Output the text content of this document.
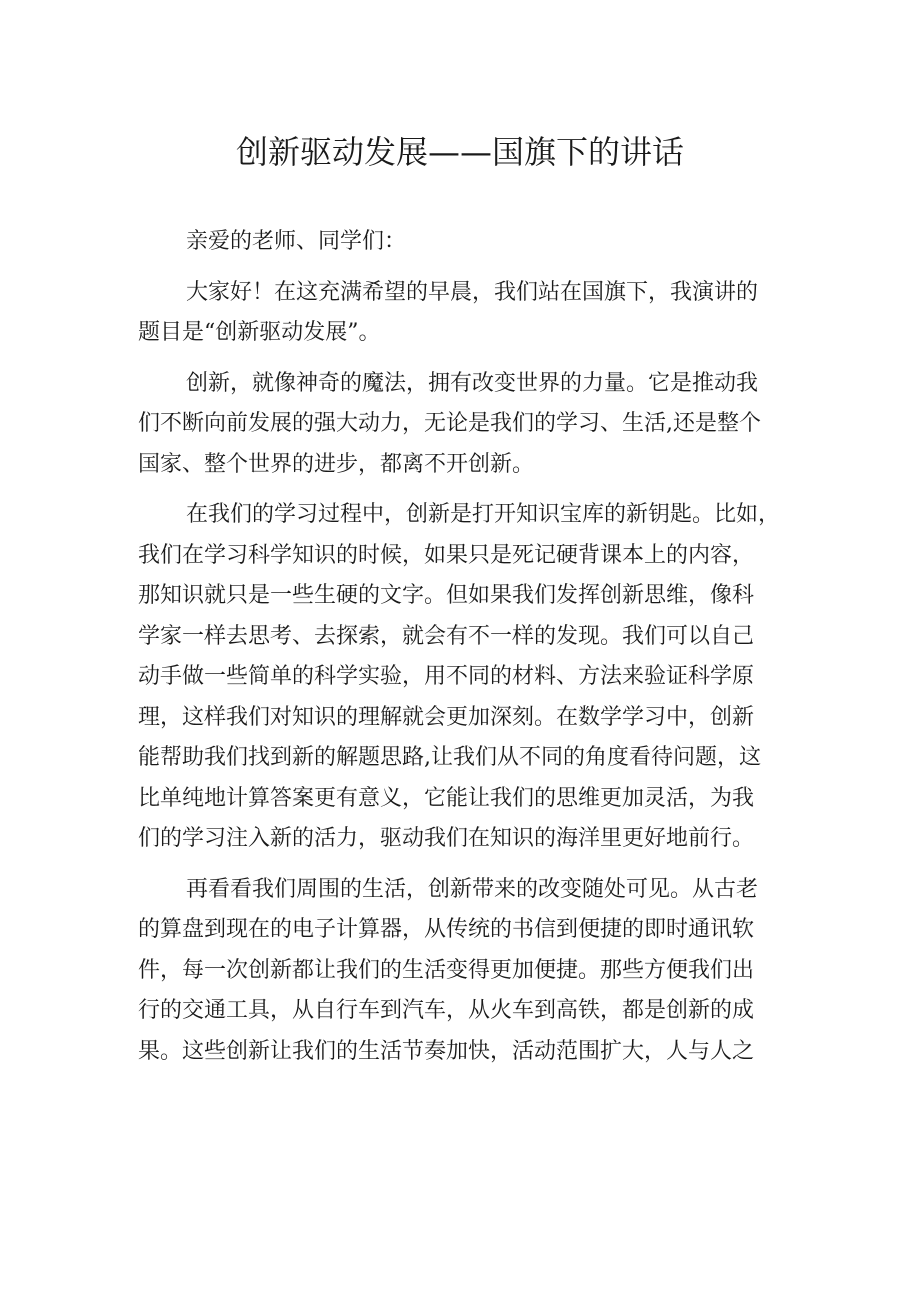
创新驱动发展——国旗下的讲话
亲爱的老师、同学们：
大家好！在这充满希望的早晨，我们站在国旗下，我演讲的
题目是“创新驱动发展”。
创新，就像神奇的魔法，拥有改变世界的力量。它是推动我
们不断向前发展的强大动力，无论是我们的学习、生活,还是整个
国家、整个世界的进步，都离不开创新。
在我们的学习过程中，创新是打开知识宝库的新钥匙。比如，
我们在学习科学知识的时候，如果只是死记硬背课本上的内容，
那知识就只是一些生硬的文字。但如果我们发挥创新思维，像科
学家一样去思考、去探索，就会有不一样的发现。我们可以自己
动手做一些简单的科学实验，用不同的材料、方法来验证科学原
理，这样我们对知识的理解就会更加深刻。在数学学习中，创新
能帮助我们找到新的解题思路,让我们从不同的角度看待问题，这
比单纯地计算答案更有意义，它能让我们的思维更加灵活，为我
们的学习注入新的活力，驱动我们在知识的海洋里更好地前行。
再看看我们周围的生活，创新带来的改变随处可见。从古老
的算盘到现在的电子计算器，从传统的书信到便捷的即时通讯软
件，每一次创新都让我们的生活变得更加便捷。那些方便我们出
行的交通工具，从自行车到汽车，从火车到高铁，都是创新的成
果。这些创新让我们的生活节奏加快，活动范围扩大，人与人之
